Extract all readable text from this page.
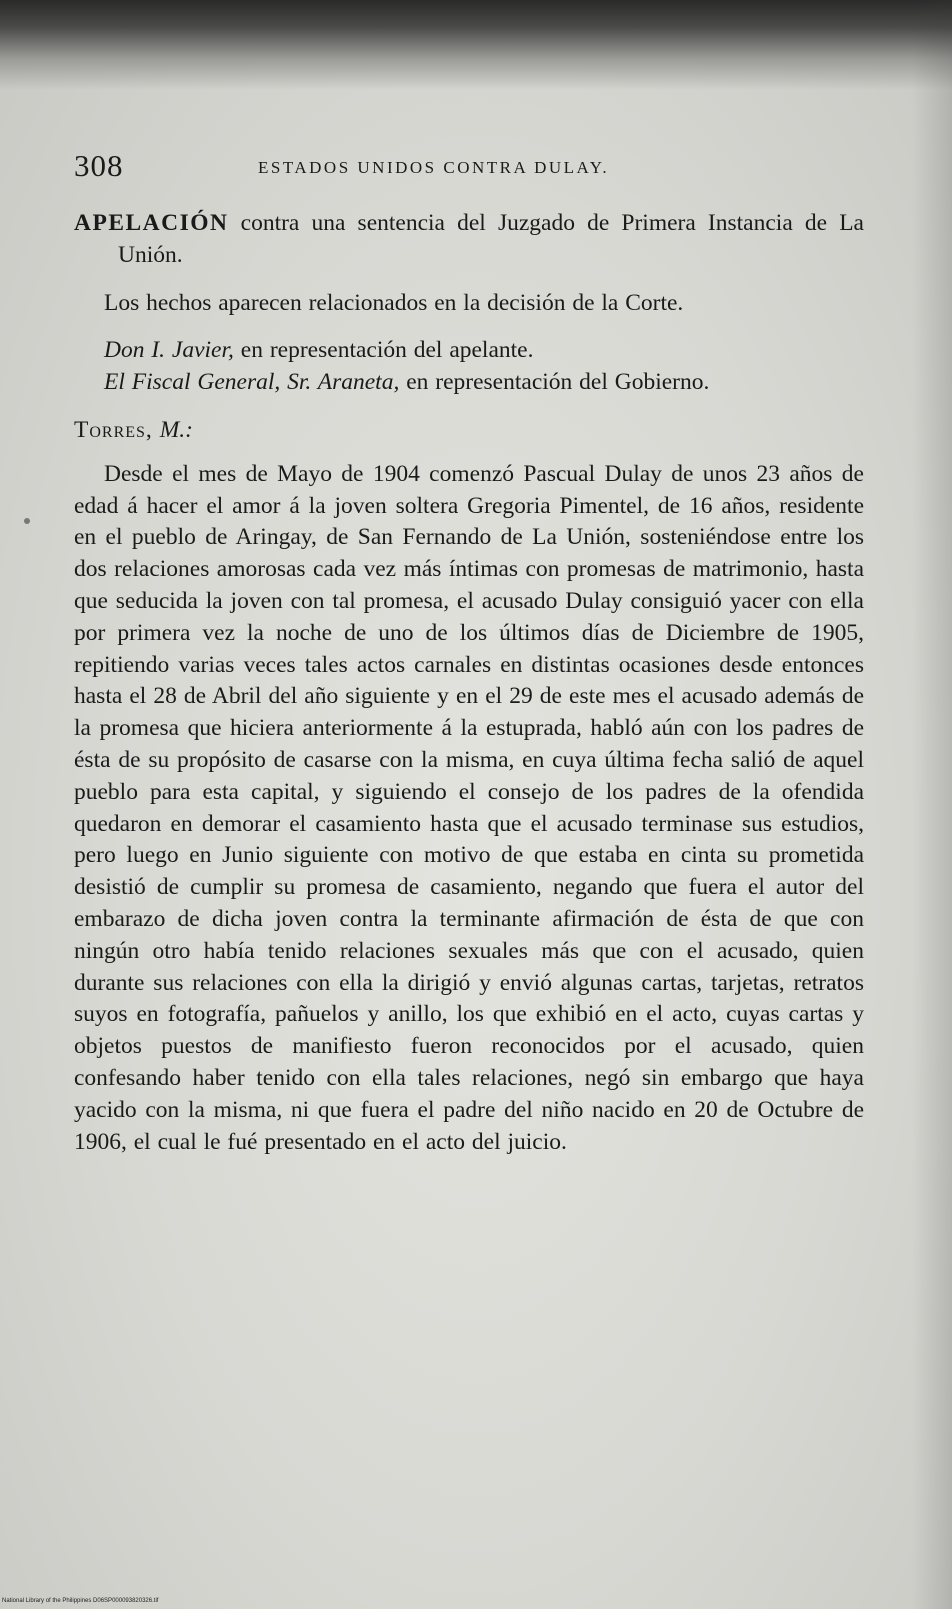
308	ESTADOS UNIDOS CONTRA DULAY.

APELACIÓN contra una sentencia del Juzgado de Primera Instancia de La Unión.

Los hechos aparecen relacionados en la decisión de la Corte.

Don I. Javier, en representación del apelante.

El Fiscal General, Sr. Araneta, en representación del Gobierno.

Torres, M.:

Desde el mes de Mayo de 1904 comenzó Pascual Dulay de unos 23 años de edad á hacer el amor á la joven soltera Gregoria Pimentel, de 16 años, residente en el pueblo de Aringay, de San Fernando de La Unión, sosteniéndose entre los dos relaciones amorosas cada vez más íntimas con promesas de matrimonio, hasta que seducida la joven con tal promesa, el acusado Dulay consiguió yacer con ella por primera vez la noche de uno de los últimos días de Diciembre de 1905, repitiendo varias veces tales actos carnales en distintas ocasiones desde entonces hasta el 28 de Abril del año siguiente y en el 29 de este mes el acusado además de la promesa que hiciera anteriormente á la estuprada, habló aún con los padres de ésta de su propósito de casarse con la misma, en cuya última fecha salió de aquel pueblo para esta capital, y siguiendo el consejo de los padres de la ofendida quedaron en demorar el casamiento hasta que el acusado terminase sus estudios, pero luego en Junio siguiente con motivo de que estaba en cinta su prometida desistió de cumplir su promesa de casamiento, negando que fuera el autor del embarazo de dicha joven contra la terminante afirmación de ésta de que con ningún otro había tenido relaciones sexuales más que con el acusado, quien durante sus relaciones con ella la dirigió y envió algunas cartas, tarjetas, retratos suyos en fotografía, pañuelos y anillo, los que exhibió en el acto, cuyas cartas y objetos puestos de manifiesto fueron reconocidos por el acusado, quien confesando haber tenido con ella tales relaciones, negó sin embargo que haya yacido con la misma, ni que fuera el padre del niño nacido en 20 de Octubre de 1906, el cual le fué presentado en el acto del juicio.

National Library of the Philippines D06SP000093820326.tif
